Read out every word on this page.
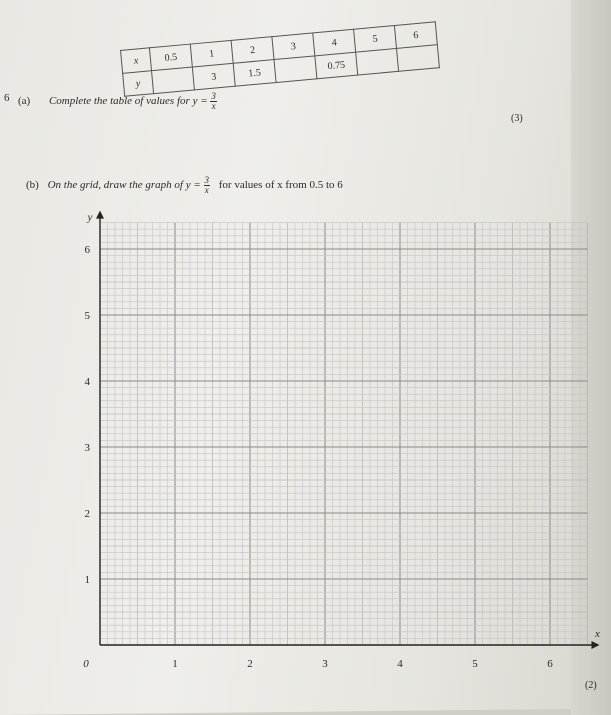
6 (a) Complete the table of values for $y = \frac{3}{x}$
x	0.5	1	2	3	4	5	6
y		3	1.5		0.75		
(3)
(b) On the grid, draw the graph of $y = \frac{3}{x}$ for values of x from 0.5 to 6
1	2	3	4	5	6
1
2
3
4
5
6
0
x
y
(2)
